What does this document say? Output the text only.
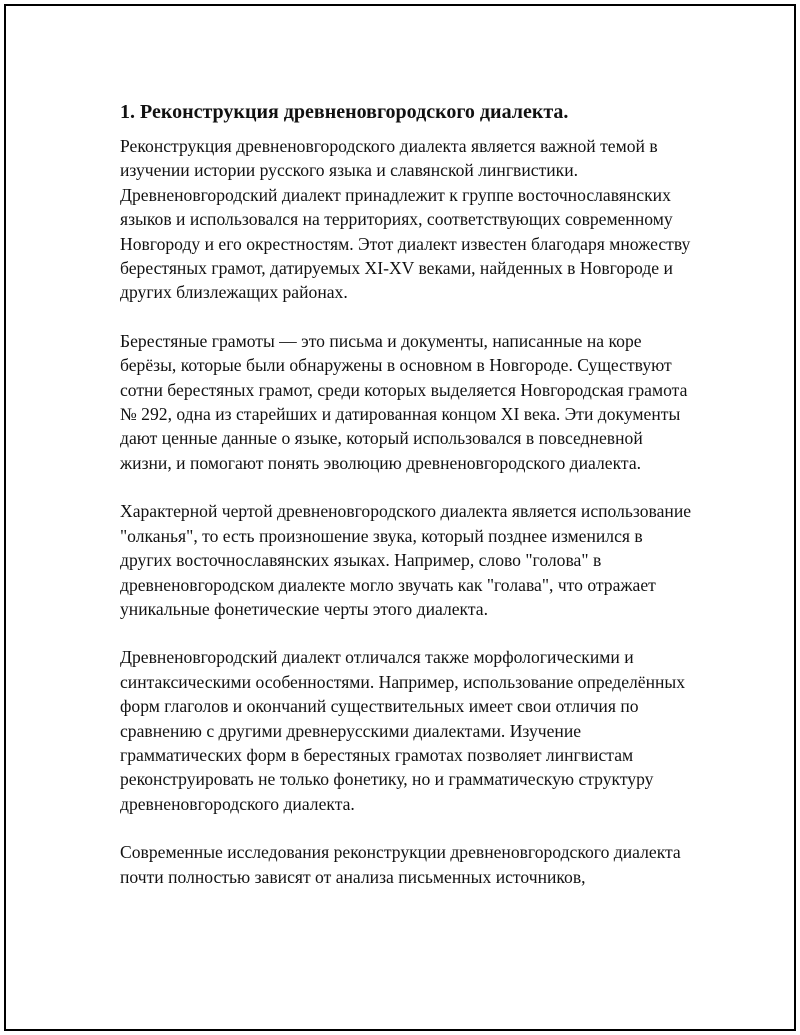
1. Реконструкция древненовгородского диалекта.

Реконструкция древненовгородского диалекта является важной темой в изучении истории русского языка и славянской лингвистики. Древненовгородский диалект принадлежит к группе восточнославянских языков и использовался на территориях, соответствующих современному Новгороду и его окрестностям. Этот диалект известен благодаря множеству берестяных грамот, датируемых XI-XV веками, найденных в Новгороде и других близлежащих районах.

Берестяные грамоты — это письма и документы, написанные на коре берёзы, которые были обнаружены в основном в Новгороде. Существуют сотни берестяных грамот, среди которых выделяется Новгородская грамота № 292, одна из старейших и датированная концом XI века. Эти документы дают ценные данные о языке, который использовался в повседневной жизни, и помогают понять эволюцию древненовгородского диалекта.

Характерной чертой древненовгородского диалекта является использование "олканья", то есть произношение звука, который позднее изменился в других восточнославянских языках. Например, слово "голова" в древненовгородском диалекте могло звучать как "голава", что отражает уникальные фонетические черты этого диалекта.

Древненовгородский диалект отличался также морфологическими и синтаксическими особенностями. Например, использование определённых форм глаголов и окончаний существительных имеет свои отличия по сравнению с другими древнерусскими диалектами. Изучение грамматических форм в берестяных грамотах позволяет лингвистам реконструировать не только фонетику, но и грамматическую структуру древненовгородского диалекта.

Современные исследования реконструкции древненовгородского диалекта почти полностью зависят от анализа письменных источников,
